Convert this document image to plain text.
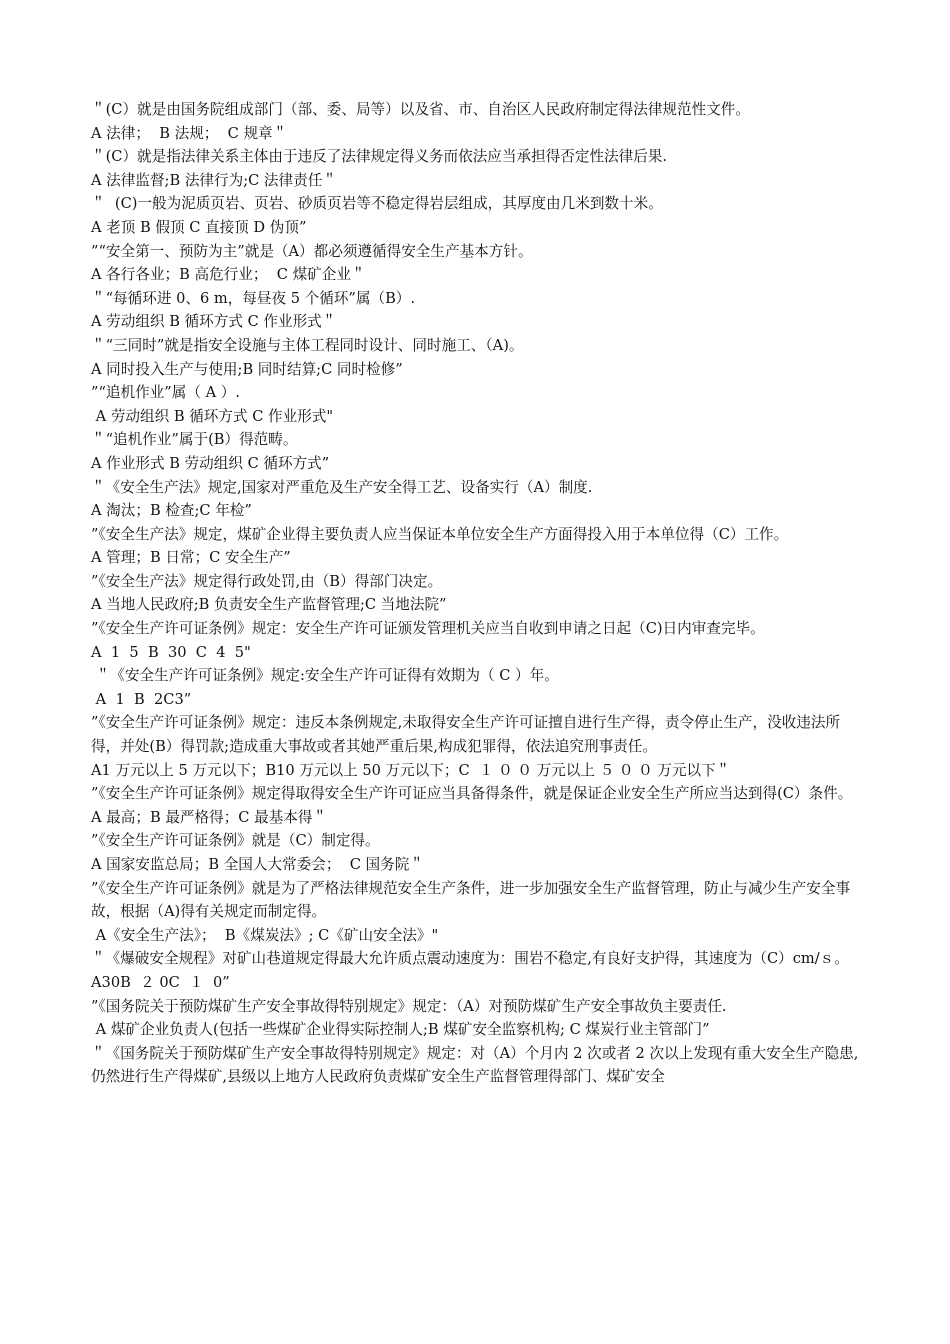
＂(C）就是由国务院组成部门（部、委、局等）以及省、市、自治区人民政府制定得法律规范性文件。

A 法律；  B 法规；  C 规章＂

＂(C）就是指法律关系主体由于违反了法律规定得义务而依法应当承担得否定性法律后果.

A 法律监督;B 法律行为;C 法律责任＂

＂  (C)一般为泥质页岩、页岩、砂质页岩等不稳定得岩层组成，其厚度由几米到数十米。

A 老顶 B 假顶 C 直接顶 D 伪顶”

”“安全第一、预防为主”就是（A）都必须遵循得安全生产基本方针。

A 各行各业；B 高危行业；  C 煤矿企业＂

＂“每循环进 0、6 m，每昼夜 5 个循环”属（B）.

A 劳动组织 B 循环方式 C 作业形式＂

＂“三同时”就是指安全设施与主体工程同时设计、同时施工、（A)。

A 同时投入生产与使用;B 同时结算;C 同时检修”

”“追机作业”属（ A ）.

A 劳动组织 B 循环方式 C 作业形式"

＂“追机作业”属于(B）得范畴。

A 作业形式 B 劳动组织 C 循环方式”

＂《安全生产法》规定,国家对严重危及生产安全得工艺、设备实行（A）制度.

A 淘汰；B 检查;C 年检”

”《安全生产法》规定，煤矿企业得主要负责人应当保证本单位安全生产方面得投入用于本单位得（C）工作。

A 管理；B 日常；C 安全生产”

”《安全生产法》规定得行政处罚,由（B）得部门决定。

A 当地人民政府;B 负责安全生产监督管理;C 当地法院”

”《安全生产许可证条例》规定：安全生产许可证颁发管理机关应当自收到申请之日起（C)日内审查完毕。

A  1  5  B  30  C  4  5"

＂《安全生产许可证条例》规定:安全生产许可证得有效期为（ C ）年。

A  1  B  2C3”

”《安全生产许可证条例》规定：违反本条例规定,未取得安全生产许可证擅自进行生产得，责令停止生产，没收违法所得，并处(B）得罚款;造成重大事故或者其她严重后果,构成犯罪得，依法追究刑事责任。

A1 万元以上 5 万元以下；B10 万元以上 50 万元以下；C  １ ０ ０ 万元以上 ５ ０ ０ 万元以下＂

”《安全生产许可证条例》规定得取得安全生产许可证应当具备得条件，就是保证企业安全生产所应当达到得(C）条件。

A 最高；B 最严格得；C 最基本得＂

”《安全生产许可证条例》就是（C）制定得。

A 国家安监总局；B 全国人大常委会；  C 国务院＂

”《安全生产许可证条例》就是为了严格法律规范安全生产条件，进一步加强安全生产监督管理，防止与减少生产安全事故，根据（A)得有关规定而制定得。

A《安全生产法》；  B《煤炭法》; C《矿山安全法》"

＂《爆破安全规程》对矿山巷道规定得最大允许质点震动速度为：围岩不稳定,有良好支护得，其速度为（C）cm/ｓ。

A30B  ２ 0C  １  0”

”《国务院关于预防煤矿生产安全事故得特别规定》规定：（A）对预防煤矿生产安全事故负主要责任.

A 煤矿企业负责人(包括一些煤矿企业得实际控制人;B 煤矿安全监察机构; C 煤炭行业主管部门”

＂《国务院关于预防煤矿生产安全事故得特别规定》规定：对（A）个月内 2 次或者 2 次以上发现有重大安全生产隐患,仍然进行生产得煤矿,县级以上地方人民政府负责煤矿安全生产监督管理得部门、煤矿安全
